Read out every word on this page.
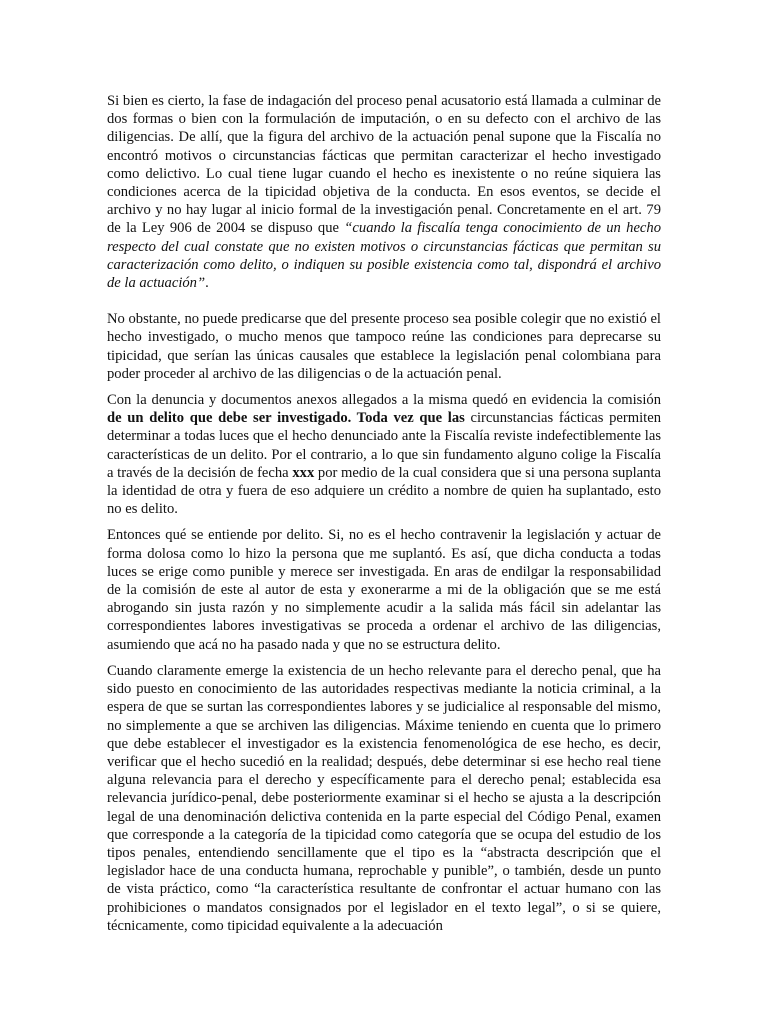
Si bien es cierto, la fase de indagación del proceso penal acusatorio está llamada a culminar de dos formas o bien con la formulación de imputación, o en su defecto con el archivo de las diligencias. De allí, que la figura del archivo de la actuación penal supone que la Fiscalía no encontró motivos o circunstancias fácticas que permitan caracterizar el hecho investigado como delictivo. Lo cual tiene lugar cuando el hecho es inexistente o no reúne siquiera las condiciones acerca de la tipicidad objetiva de la conducta. En esos eventos, se decide el archivo y no hay lugar al inicio formal de la investigación penal. Concretamente en el art. 79 de la Ley 906 de 2004 se dispuso que “cuando la fiscalía tenga conocimiento de un hecho respecto del cual constate que no existen motivos o circunstancias fácticas que permitan su caracterización como delito, o indiquen su posible existencia como tal, dispondrá el archivo de la actuación”.

No obstante, no puede predicarse que del presente proceso sea posible colegir que no existió el hecho investigado, o mucho menos que tampoco reúne las condiciones para deprecarse su tipicidad, que serían las únicas causales que establece la legislación penal colombiana para poder proceder al archivo de las diligencias o de la actuación penal.

Con la denuncia y documentos anexos allegados a la misma quedó en evidencia la comisión de un delito que debe ser investigado. Toda vez que las circunstancias fácticas permiten determinar a todas luces que el hecho denunciado ante la Fiscalía reviste indefectiblemente las características de un delito. Por el contrario, a lo que sin fundamento alguno colige la Fiscalía a través de la decisión de fecha xxx por medio de la cual considera que si una persona suplanta la identidad de otra y fuera de eso adquiere un crédito a nombre de quien ha suplantado, esto no es delito.

Entonces qué se entiende por delito. Si, no es el hecho contravenir la legislación y actuar de forma dolosa como lo hizo la persona que me suplantó. Es así, que dicha conducta a todas luces se erige como punible y merece ser investigada. En aras de endilgar la responsabilidad de la comisión de este al autor de esta y exonerarme a mi de la obligación que se me está abrogando sin justa razón y no simplemente acudir a la salida más fácil sin adelantar las correspondientes labores investigativas se proceda a ordenar el archivo de las diligencias, asumiendo que acá no ha pasado nada y que no se estructura delito.

Cuando claramente emerge la existencia de un hecho relevante para el derecho penal, que ha sido puesto en conocimiento de las autoridades respectivas mediante la noticia criminal, a la espera de que se surtan las correspondientes labores y se judicialice al responsable del mismo, no simplemente a que se archiven las diligencias. Máxime teniendo en cuenta que lo primero que debe establecer el investigador es la existencia fenomenológica de ese hecho, es decir, verificar que el hecho sucedió en la realidad; después, debe determinar si ese hecho real tiene alguna relevancia para el derecho y específicamente para el derecho penal; establecida esa relevancia jurídico-penal, debe posteriormente examinar si el hecho se ajusta a la descripción legal de una denominación delictiva contenida en la parte especial del Código Penal, examen que corresponde a la categoría de la tipicidad como categoría que se ocupa del estudio de los tipos penales, entendiendo sencillamente que el tipo es la “abstracta descripción que el legislador hace de una conducta humana, reprochable y punible”, o también, desde un punto de vista práctico, como “la característica resultante de confrontar el actuar humano con las prohibiciones o mandatos consignados por el legislador en el texto legal”, o si se quiere, técnicamente, como tipicidad equivalente a la adecuación
